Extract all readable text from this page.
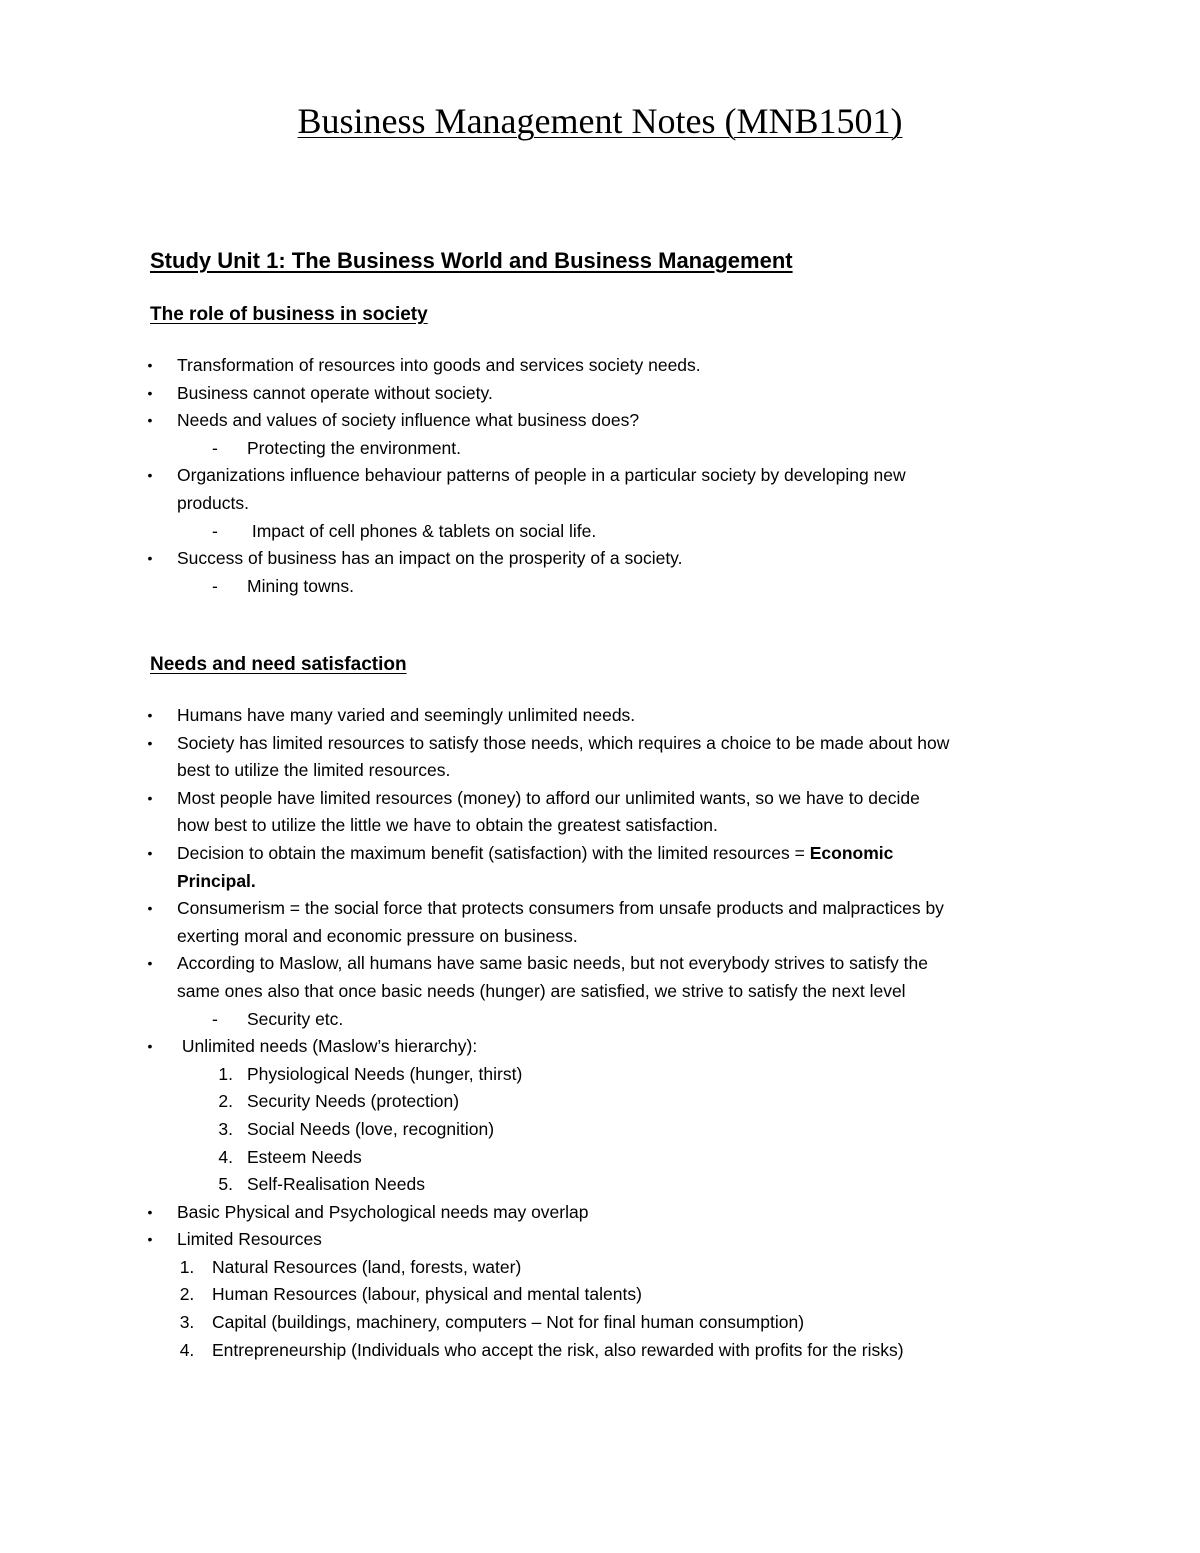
Business Management Notes (MNB1501)
Study Unit 1: The Business World and Business Management
The role of business in society
•	Transformation of resources into goods and services society needs.
•	Business cannot operate without society.
•	Needs and values of society influence what business does?
- Protecting the environment.
•	Organizations influence behaviour patterns of people in a particular society by developing new
products.
- Impact of cell phones & tablets on social life.
•	Success of business has an impact on the prosperity of a society.
- Mining towns.
Needs and need satisfaction
•	Humans have many varied and seemingly unlimited needs.
•	Society has limited resources to satisfy those needs, which requires a choice to be made about how
best to utilize the limited resources.
•	Most people have limited resources (money) to afford our unlimited wants, so we have to decide
how best to utilize the little we have to obtain the greatest satisfaction.
•	Decision to obtain the maximum benefit (satisfaction) with the limited resources = Economic
Principal.
•	Consumerism = the social force that protects consumers from unsafe products and malpractices by
exerting moral and economic pressure on business.
•	According to Maslow, all humans have same basic needs, but not everybody strives to satisfy the
same ones also that once basic needs (hunger) are satisfied, we strive to satisfy the next level
- Security etc.
•	Unlimited needs (Maslow’s hierarchy):
1. Physiological Needs (hunger, thirst)
2. Security Needs (protection)
3. Social Needs (love, recognition)
4. Esteem Needs
5. Self-Realisation Needs
•	Basic Physical and Psychological needs may overlap
•	Limited Resources
1. Natural Resources (land, forests, water)
2. Human Resources (labour, physical and mental talents)
3. Capital (buildings, machinery, computers – Not for final human consumption)
4. Entrepreneurship (Individuals who accept the risk, also rewarded with profits for the risks)
